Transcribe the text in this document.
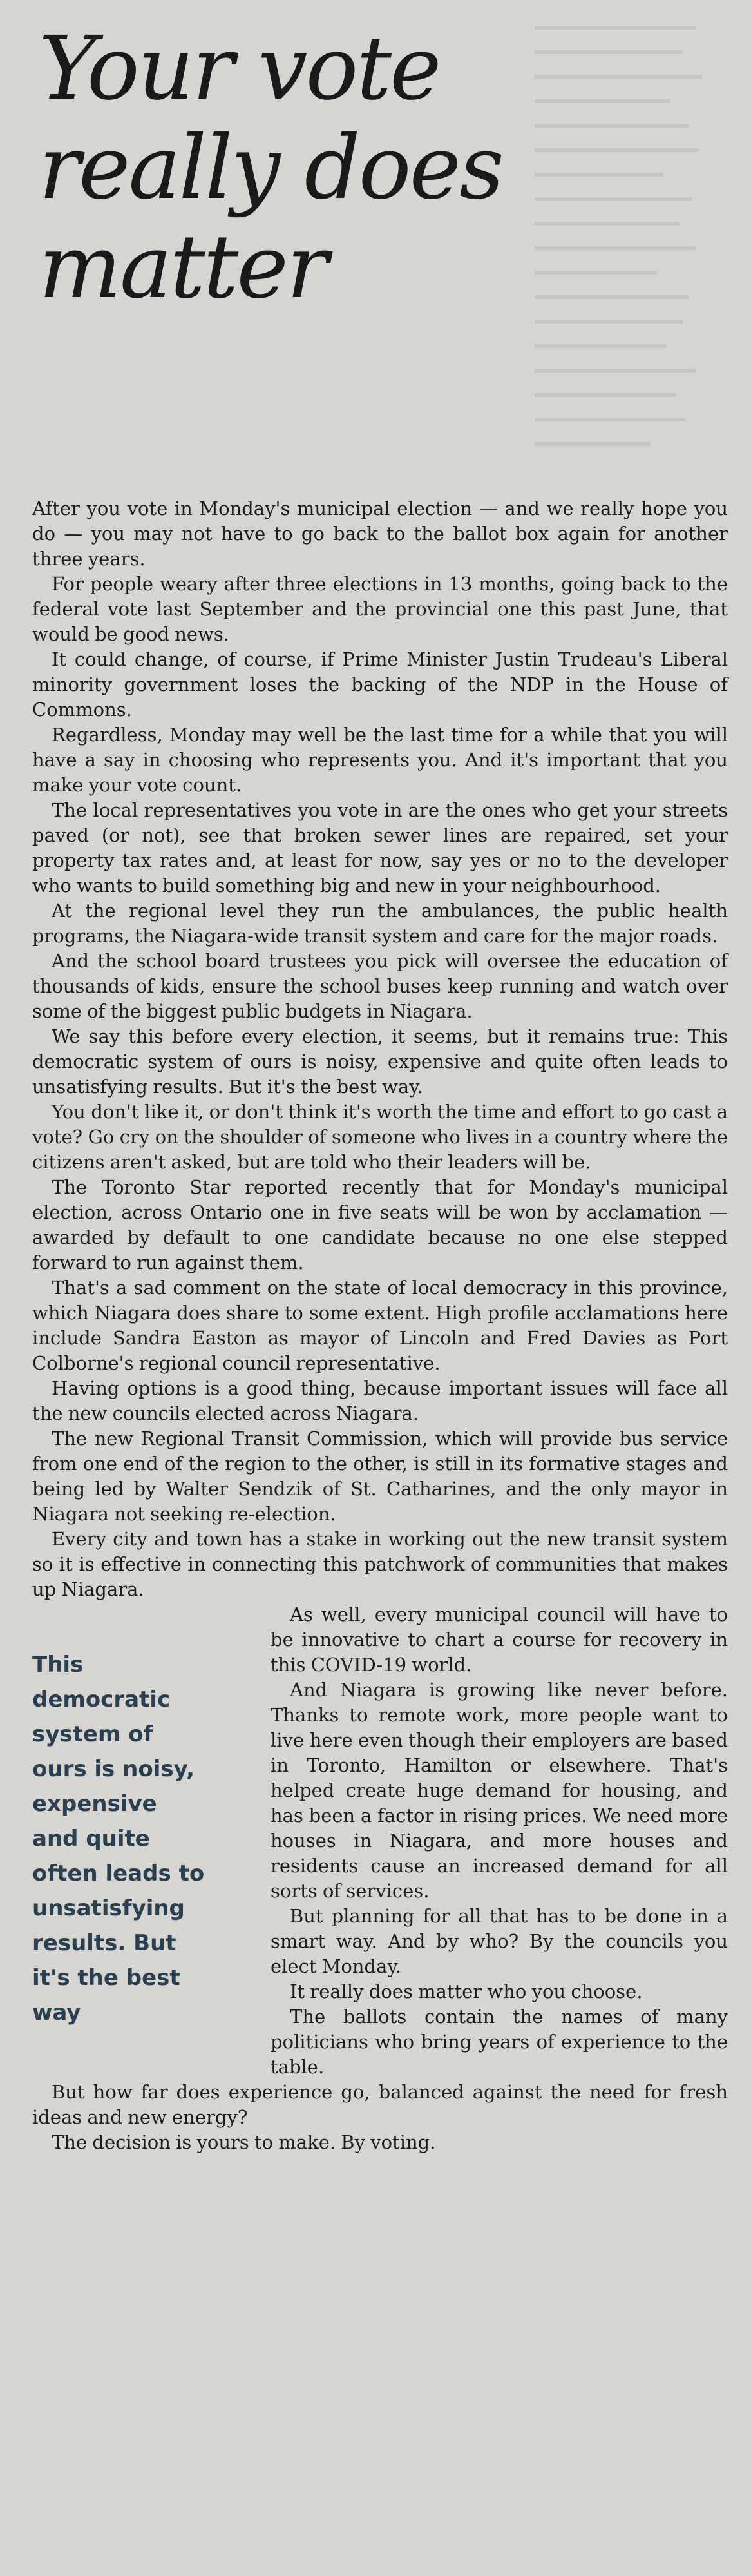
Your vote
really does
matter

After you vote in Monday's municipal election — and we really hope you do — you may not have to go back to the ballot box again for another three years.

For people weary after three elections in 13 months, going back to the federal vote last September and the provincial one this past June, that would be good news.

It could change, of course, if Prime Minister Justin Trudeau's Liberal minority government loses the backing of the NDP in the House of Commons.

Regardless, Monday may well be the last time for a while that you will have a say in choosing who represents you. And it's important that you make your vote count.

The local representatives you vote in are the ones who get your streets paved (or not), see that broken sewer lines are repaired, set your property tax rates and, at least for now, say yes or no to the developer who wants to build something big and new in your neighbourhood.

At the regional level they run the ambulances, the public health programs, the Niagara-wide transit system and care for the major roads.

And the school board trustees you pick will oversee the education of thousands of kids, ensure the school buses keep running and watch over some of the biggest public budgets in Niagara.

We say this before every election, it seems, but it remains true: This democratic system of ours is noisy, expensive and quite often leads to unsatisfying results. But it's the best way.

You don't like it, or don't think it's worth the time and effort to go cast a vote? Go cry on the shoulder of someone who lives in a country where the citizens aren't asked, but are told who their leaders will be.

The Toronto Star reported recently that for Monday's municipal election, across Ontario one in five seats will be won by acclamation — awarded by default to one candidate because no one else stepped forward to run against them.

That's a sad comment on the state of local democracy in this province, which Niagara does share to some extent. High profile acclamations here include Sandra Easton as mayor of Lincoln and Fred Davies as Port Colborne's regional council representative.

Having options is a good thing, because important issues will face all the new councils elected across Niagara.

The new Regional Transit Commission, which will provide bus service from one end of the region to the other, is still in its formative stages and being led by Walter Sendzik of St. Catharines, and the only mayor in Niagara not seeking re-election.

Every city and town has a stake in working out the new transit system so it is effective in connecting this patchwork of communities that makes up Niagara.

This
democratic
system of
ours is noisy,
expensive
and quite
often leads to
unsatisfying
results. But
it's the best
way

As well, every municipal council will have to be innovative to chart a course for recovery in this COVID-19 world.

And Niagara is growing like never before. Thanks to remote work, more people want to live here even though their employers are based in Toronto, Hamilton or elsewhere. That's helped create huge demand for housing, and has been a factor in rising prices. We need more houses in Niagara, and more houses and residents cause an increased demand for all sorts of services.

But planning for all that has to be done in a smart way. And by who? By the councils you elect Monday.

It really does matter who you choose.

The ballots contain the names of many politicians who bring years of experience to the table.

But how far does experience go, balanced against the need for fresh ideas and new energy?

The decision is yours to make. By voting.
